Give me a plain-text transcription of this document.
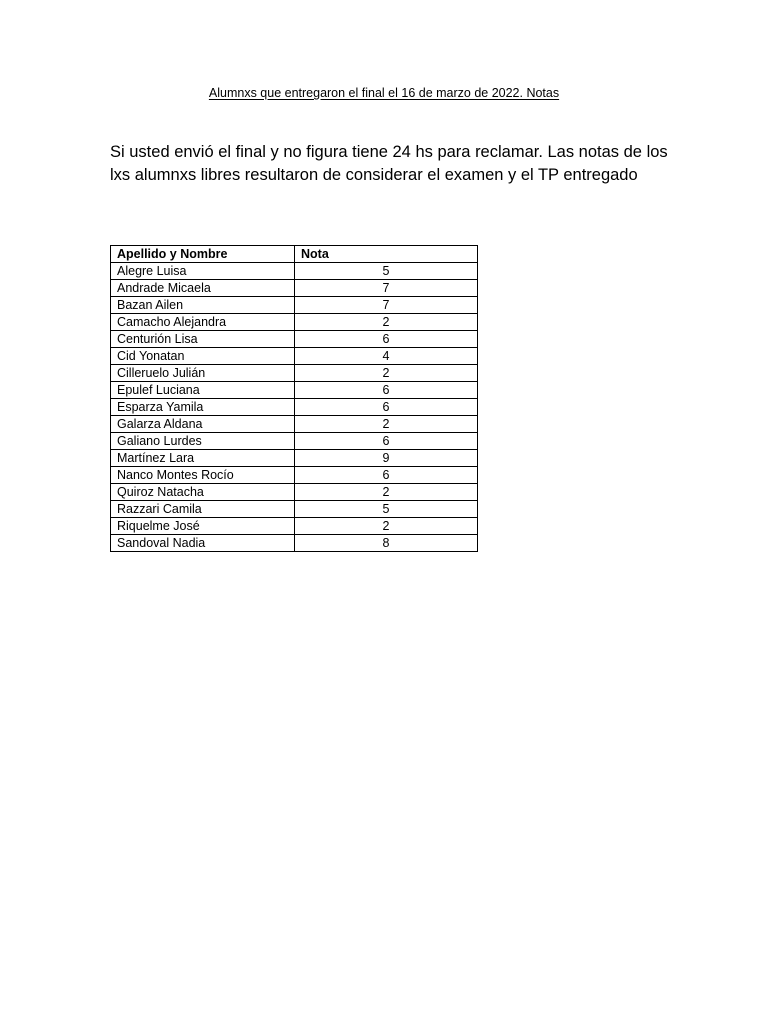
Alumnxs que entregaron el final el 16 de marzo de 2022. Notas
Si usted envió el final y no figura tiene 24 hs para reclamar. Las notas de los lxs alumnxs libres resultaron de considerar el examen y el TP entregado
Apellido y Nombre	Nota
Alegre Luisa	5
Andrade Micaela	7
Bazan Ailen	7
Camacho Alejandra	2
Centurión Lisa	6
Cid Yonatan	4
Cilleruelo Julián	2
Epulef Luciana	6
Esparza Yamila	6
Galarza Aldana	2
Galiano Lurdes	6
Martínez Lara	9
Nanco Montes Rocío	6
Quiroz Natacha	2
Razzari Camila	5
Riquelme José	2
Sandoval Nadia	8
